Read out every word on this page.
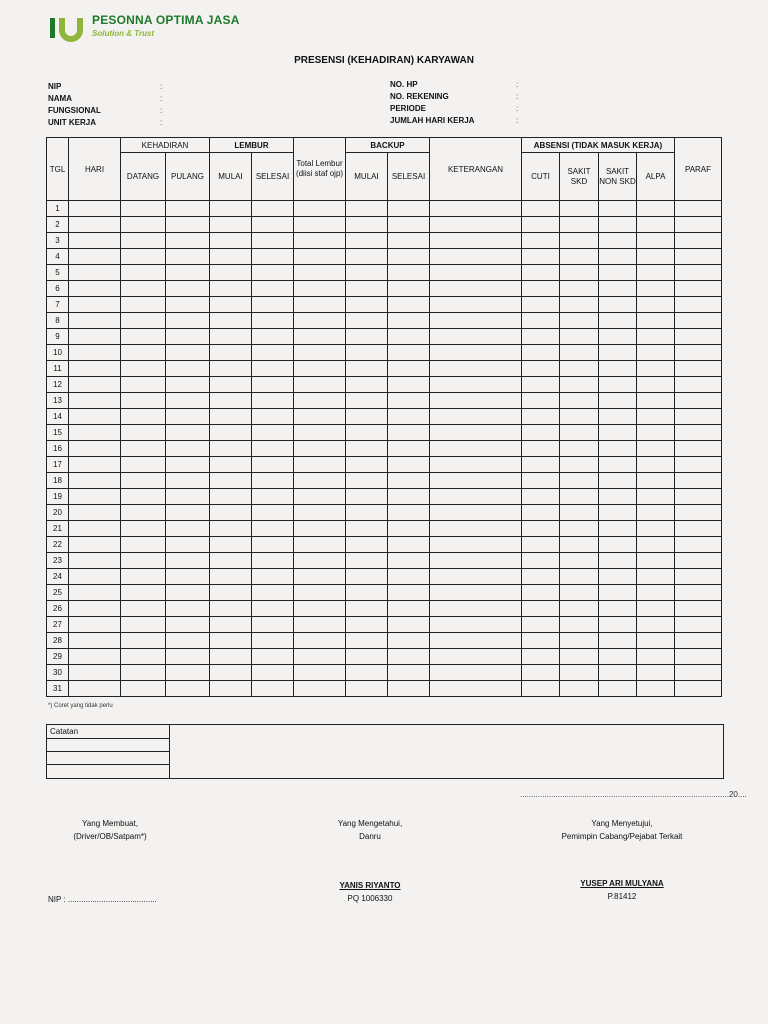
PESONNA OPTIMA JASA
Solution & Trust
PRESENSI (KEHADIRAN) KARYAWAN
NIP	:
NAMA	:
FUNGSIONAL	:
UNIT KERJA	:
NO. HP	:
NO. REKENING	:
PERIODE	:
JUMLAH HARI KERJA	:
TGL	HARI	KEHADIRAN		LEMBUR		Total Lembur (diisi staf ojp)	BACKUP		KETERANGAN	ABSENSI (TIDAK MASUK KERJA)				PARAF
		DATANG	PULANG	MULAI	SELESAI		MULAI	SELESAI		CUTI	SAKIT SKD	SAKIT NON SKD	ALPA	
1														
2														
3														
4														
5														
6														
7														
8														
9														
10														
11														
12														
13														
14														
15														
16														
17														
18														
19														
20														
21														
22														
23														
24														
25														
26														
27														
28														
29														
30														
31														
*) Coret yang tidak perlu
Catatan
..............................................................................................20....
Yang Membuat,
(Driver/OB/Satpam*)
NIP : ........................................
Yang Mengetahui,
Danru
YANIS RIYANTO
PQ 1006330
Yang Menyetujui,
Pemimpin Cabang/Pejabat Terkait
YUSEP ARI MULYANA
P.81412
